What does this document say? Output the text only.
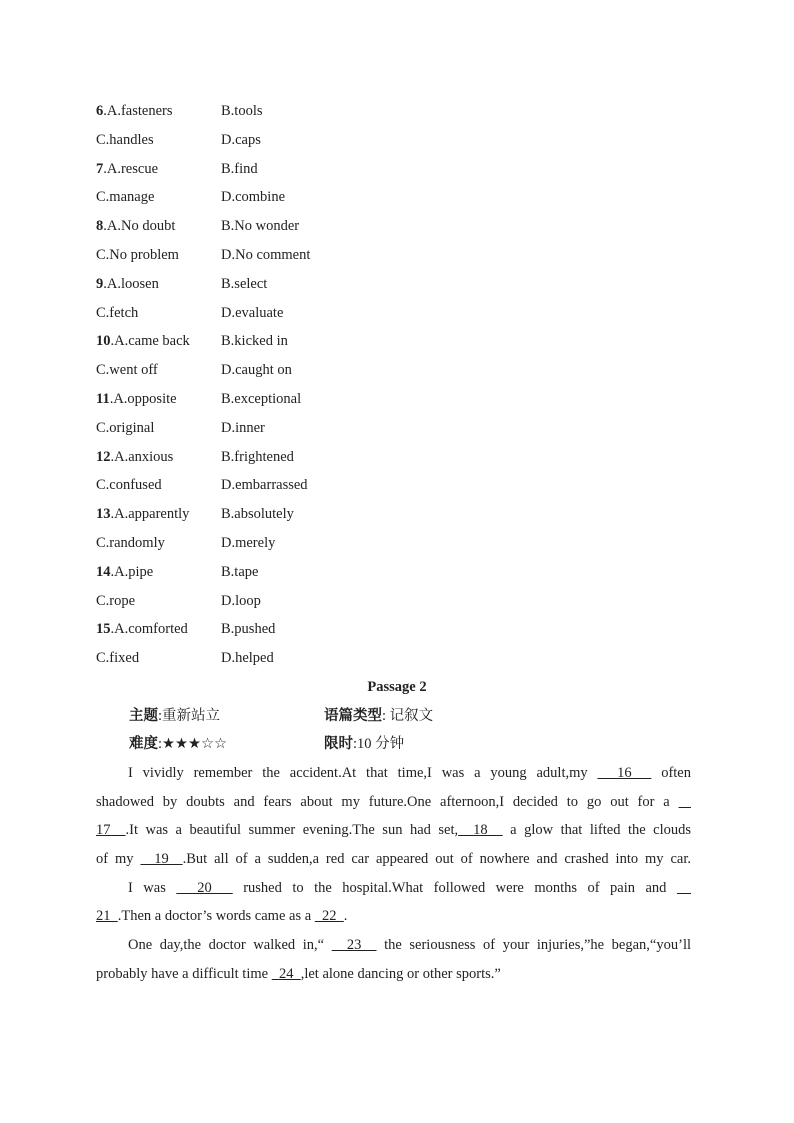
6.A.fasteners	B.tools
C.handles	D.caps
7.A.rescue	B.find
C.manage	D.combine
8.A.No doubt	B.No wonder
C.No problem	D.No comment
9.A.loosen	B.select
C.fetch	D.evaluate
10.A.came back	B.kicked in
C.went off	D.caught on
11.A.opposite	B.exceptional
C.original	D.inner
12.A.anxious	B.frightened
C.confused	D.embarrassed
13.A.apparently	B.absolutely
C.randomly	D.merely
14.A.pipe	B.tape
C.rope	D.loop
15.A.comforted	B.pushed
C.fixed	D.helped
Passage 2
主题:重新站立	语篇类型: 记叙文
难度:★★★☆☆	限时:10 分钟
I vividly remember the accident.At that time,I was a young adult,my   16   often
shadowed by doubts and fears about my future.One afternoon,I decided to go out for a
17  .It was a beautiful summer evening.The sun had set,  18   a glow that lifted the clouds
of my   19  .But all of a sudden,a red car appeared out of nowhere and crashed into my car.
I was   20   rushed to the hospital.What followed were months of pain and
21  .Then a doctor’s words came as a   22  .
One day,the doctor walked in,“   23   the seriousness of your injuries,”he began,“you’ll
probably have a difficult time   24  ,let alone dancing or other sports.”
